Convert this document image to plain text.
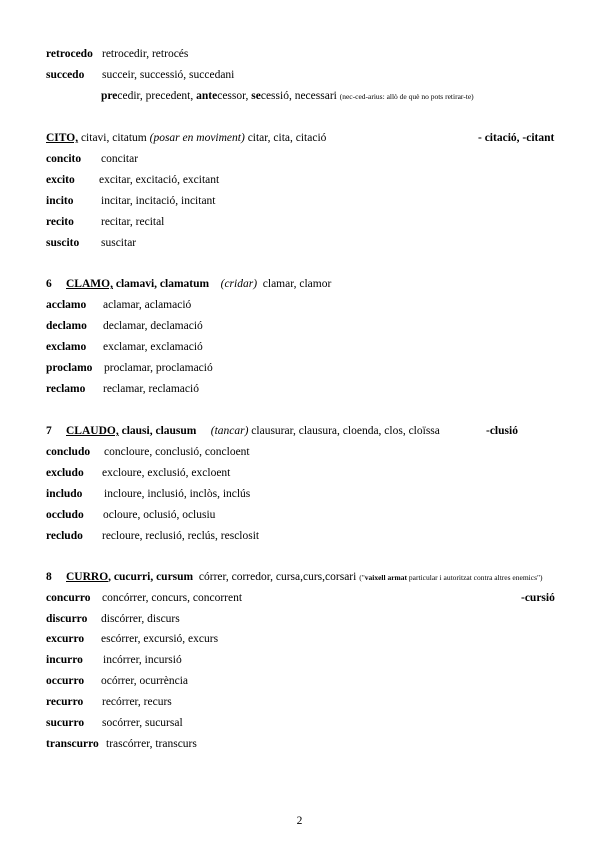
retrocedo retrocedir, retrocés
succedo succeir, successió, succedani
precedir, precedent, antecessor, secessió, necessari (nec-ced-arius: allò de què no pots retirar-te)
CITO, citavi, citatum (posar en moviment) citar, cita, citació	- citació, -citant
concito concitar
excito excitar, excitació, excitant
incito incitar, incitació, incitant
recito recitar, recital
suscito suscitar
6 CLAMO, clamavi, clamatum (cridar) clamar, clamor
acclamo aclamar, aclamació
declamo declamar, declamació
exclamo exclamar, exclamació
proclamo proclamar, proclamació
reclamo reclamar, reclamació
7 CLAUDO, clausi, clausum (tancar) clausurar, clausura, cloenda, clos, cloïssa	-clusió
concludo concloure, conclusió, concloent
excludo excloure, exclusió, excloent
includo incloure, inclusió, inclòs, inclús
occludo ocloure, oclusió, oclusiu
recludo recloure, reclusió, reclús, resclosit
8 CURRO, cucurri, cursum córrer, corredor, cursa,curs,corsari ("vaixell armat particular i autoritzat contra altres enemics")
-cursió
concurro concórrer, concurs, concorrent
discurro discórrer, discurs
excurro escórrer, excursió, excurs
incurro incórrer, incursió
occurro ocórrer, ocurrència
recurro recórrer, recurs
sucurro socórrer, sucursal
transcurro trascórrer, transcurs
2
